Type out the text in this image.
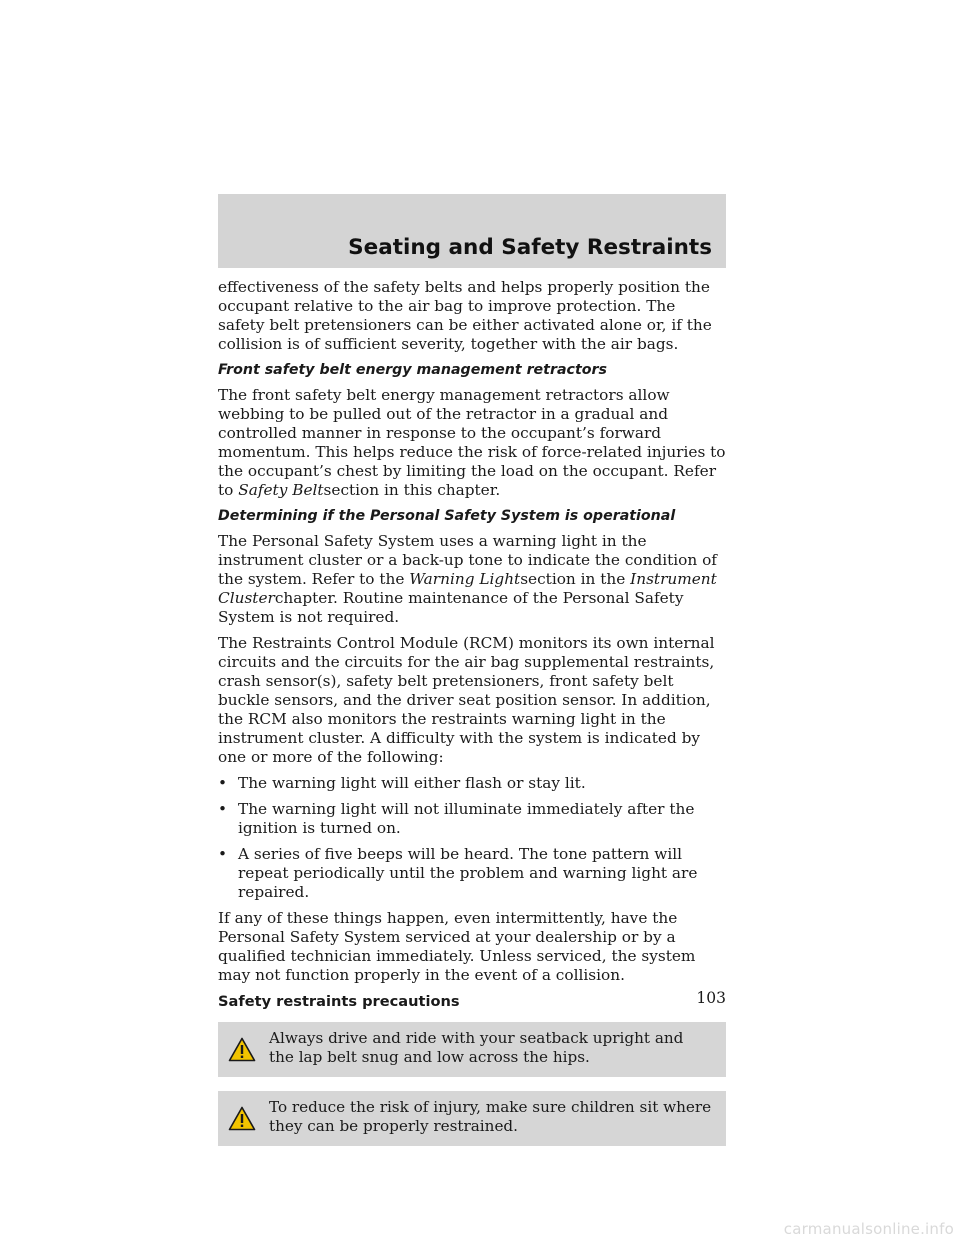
Seating and Safety Restraints

effectiveness of the safety belts and helps properly position the occupant relative to the air bag to improve protection. The safety belt pretensioners can be either activated alone or, if the collision is of sufficient severity, together with the air bags.

Front safety belt energy management retractors

The front safety belt energy management retractors allow webbing to be pulled out of the retractor in a gradual and controlled manner in response to the occupant’s forward momentum. This helps reduce the risk of force-related injuries to the occupant’s chest by limiting the load on the occupant. Refer to Safety Beltsection in this chapter.

Determining if the Personal Safety System is operational

The Personal Safety System uses a warning light in the instrument cluster or a back-up tone to indicate the condition of the system. Refer to the Warning Lightsection in the Instrument Clusterchapter. Routine maintenance of the Personal Safety System is not required.

The Restraints Control Module (RCM) monitors its own internal circuits and the circuits for the air bag supplemental restraints, crash sensor(s), safety belt pretensioners, front safety belt buckle sensors, and the driver seat position sensor. In addition, the RCM also monitors the restraints warning light in the instrument cluster. A difficulty with the system is indicated by one or more of the following:

• The warning light will either flash or stay lit.
• The warning light will not illuminate immediately after the ignition is turned on.
• A series of five beeps will be heard. The tone pattern will repeat periodically until the problem and warning light are repaired.

If any of these things happen, even intermittently, have the Personal Safety System serviced at your dealership or by a qualified technician immediately. Unless serviced, the system may not function properly in the event of a collision.

Safety restraints precautions
Always drive and ride with your seatback upright and the lap belt snug and low across the hips.
To reduce the risk of injury, make sure children sit where they can be properly restrained.
103
carmanualsonline.info
